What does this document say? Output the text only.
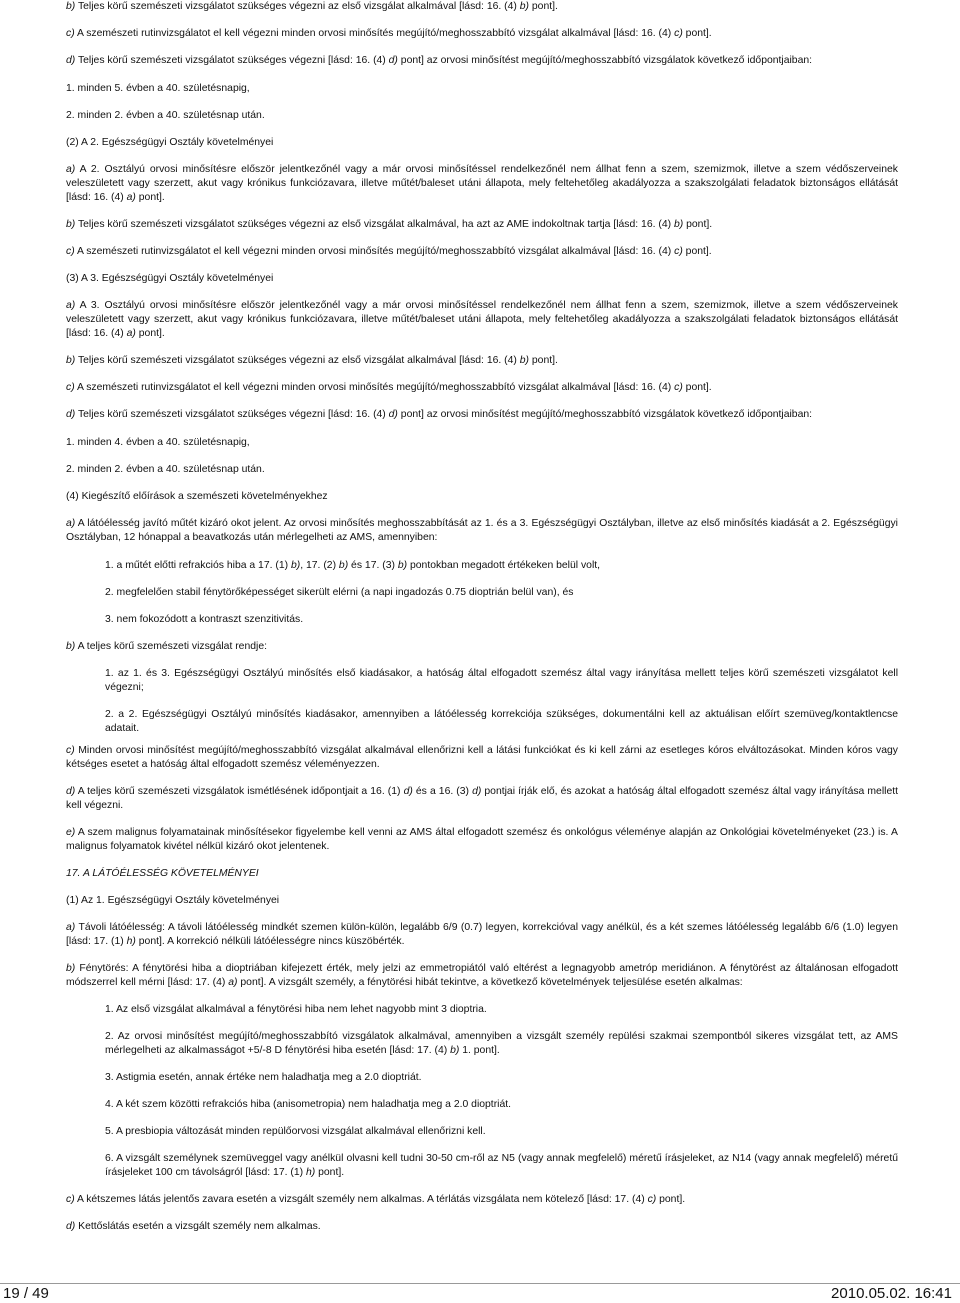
b) Teljes körű szemészeti vizsgálatot szükséges végezni az első vizsgálat alkalmával [lásd: 16. (4) b) pont].

c) A szemészeti rutinvizsgálatot el kell végezni minden orvosi minősítés megújító/meghosszabbító vizsgálat alkalmával [lásd: 16. (4) c) pont].

d) Teljes körű szemészeti vizsgálatot szükséges végezni [lásd: 16. (4) d) pont] az orvosi minősítést megújító/meghosszabbító vizsgálatok következő időpontjaiban:

1. minden 5. évben a 40. születésnapig,

2. minden 2. évben a 40. születésnap után.

(2) A 2. Egészségügyi Osztály követelményei

a) A 2. Osztályú orvosi minősítésre először jelentkezőnél vagy a már orvosi minősítéssel rendelkezőnél nem állhat fenn a szem, szemizmok, illetve a szem védőszerveinek veleszületett vagy szerzett, akut vagy krónikus funkciózavara, illetve műtét/baleset utáni állapota, mely feltehetőleg akadályozza a szakszolgálati feladatok biztonságos ellátását [lásd: 16. (4) a) pont].

b) Teljes körű szemészeti vizsgálatot szükséges végezni az első vizsgálat alkalmával, ha azt az AME indokoltnak tartja [lásd: 16. (4) b) pont].

c) A szemészeti rutinvizsgálatot el kell végezni minden orvosi minősítés megújító/meghosszabbító vizsgálat alkalmával [lásd: 16. (4) c) pont].

(3) A 3. Egészségügyi Osztály követelményei

a) A 3. Osztályú orvosi minősítésre először jelentkezőnél vagy a már orvosi minősítéssel rendelkezőnél nem állhat fenn a szem, szemizmok, illetve a szem védőszerveinek veleszületett vagy szerzett, akut vagy krónikus funkciózavara, illetve műtét/baleset utáni állapota, mely feltehetőleg akadályozza a szakszolgálati feladatok biztonságos ellátását [lásd: 16. (4) a) pont].

b) Teljes körű szemészeti vizsgálatot szükséges végezni az első vizsgálat alkalmával [lásd: 16. (4) b) pont].

c) A szemészeti rutinvizsgálatot el kell végezni minden orvosi minősítés megújító/meghosszabbító vizsgálat alkalmával [lásd: 16. (4) c) pont].

d) Teljes körű szemészeti vizsgálatot szükséges végezni [lásd: 16. (4) d) pont] az orvosi minősítést megújító/meghosszabbító vizsgálatok következő időpontjaiban:

1. minden 4. évben a 40. születésnapig,

2. minden 2. évben a 40. születésnap után.

(4) Kiegészítő előírások a szemészeti követelményekhez

a) A látóélesség javító műtét kizáró okot jelent. Az orvosi minősítés meghosszabbítását az 1. és a 3. Egészségügyi Osztályban, illetve az első minősítés kiadását a 2. Egészségügyi Osztályban, 12 hónappal a beavatkozás után mérlegelheti az AMS, amennyiben:

1. a műtét előtti refrakciós hiba a 17. (1) b), 17. (2) b) és 17. (3) b) pontokban megadott értékeken belül volt,

2. megfelelően stabil fénytörőképességet sikerült elérni (a napi ingadozás 0.75 dioptrián belül van), és

3. nem fokozódott a kontraszt szenzitivitás.

b) A teljes körű szemészeti vizsgálat rendje:

1. az 1. és 3. Egészségügyi Osztályú minősítés első kiadásakor, a hatóság által elfogadott szemész által vagy irányítása mellett teljes körű szemészeti vizsgálatot kell végezni;

2. a 2. Egészségügyi Osztályú minősítés kiadásakor, amennyiben a látóélesség korrekciója szükséges, dokumentálni kell az aktuálisan előírt szemüveg/kontaktlencse adatait.

c) Minden orvosi minősítést megújító/meghosszabbító vizsgálat alkalmával ellenőrizni kell a látási funkciókat és ki kell zárni az esetleges kóros elváltozásokat. Minden kóros vagy kétséges esetet a hatóság által elfogadott szemész véleményezzen.

d) A teljes körű szemészeti vizsgálatok ismétlésének időpontjait a 16. (1) d) és a 16. (3) d) pontjai írják elő, és azokat a hatóság által elfogadott szemész által vagy irányítása mellett kell végezni.

e) A szem malignus folyamatainak minősítésekor figyelembe kell venni az AMS által elfogadott szemész és onkológus véleménye alapján az Onkológiai követelményeket (23.) is. A malignus folyamatok kivétel nélkül kizáró okot jelentenek.

17. A LÁTÓÉLESSÉG KÖVETELMÉNYEI

(1) Az 1. Egészségügyi Osztály követelményei

a) Távoli látóélesség: A távoli látóélesség mindkét szemen külön-külön, legalább 6/9 (0.7) legyen, korrekcióval vagy anélkül, és a két szemes látóélesség legalább 6/6 (1.0) legyen [lásd: 17. (1) h) pont]. A korrekció nélküli látóélességre nincs küszöbérték.

b) Fénytörés: A fénytörési hiba a dioptriában kifejezett érték, mely jelzi az emmetropiától való eltérést a legnagyobb ametróp meridiánon. A fénytörést az általánosan elfogadott módszerrel kell mérni [lásd: 17. (4) a) pont]. A vizsgált személy, a fénytörési hibát tekintve, a következő követelmények teljesülése esetén alkalmas:

1. Az első vizsgálat alkalmával a fénytörési hiba nem lehet nagyobb mint 3 dioptria.

2. Az orvosi minősítést megújító/meghosszabbító vizsgálatok alkalmával, amennyiben a vizsgált személy repülési szakmai szempontból sikeres vizsgálat tett, az AMS mérlegelheti az alkalmasságot +5/-8 D fénytörési hiba esetén [lásd: 17. (4) b) 1. pont].

3. Astigmia esetén, annak értéke nem haladhatja meg a 2.0 dioptriát.

4. A két szem közötti refrakciós hiba (anisometropia) nem haladhatja meg a 2.0 dioptriát.

5. A presbiopia változását minden repülőorvosi vizsgálat alkalmával ellenőrizni kell.

6. A vizsgált személynek szemüveggel vagy anélkül olvasni kell tudni 30-50 cm-ről az N5 (vagy annak megfelelő) méretű írásjeleket, az N14 (vagy annak megfelelő) méretű írásjeleket 100 cm távolságról [lásd: 17. (1) h) pont].

c) A kétszemes látás jelentős zavara esetén a vizsgált személy nem alkalmas. A térlátás vizsgálata nem kötelező [lásd: 17. (4) c) pont].

d) Kettőslátás esetén a vizsgált személy nem alkalmas.

19 / 49	2010.05.02. 16:41
